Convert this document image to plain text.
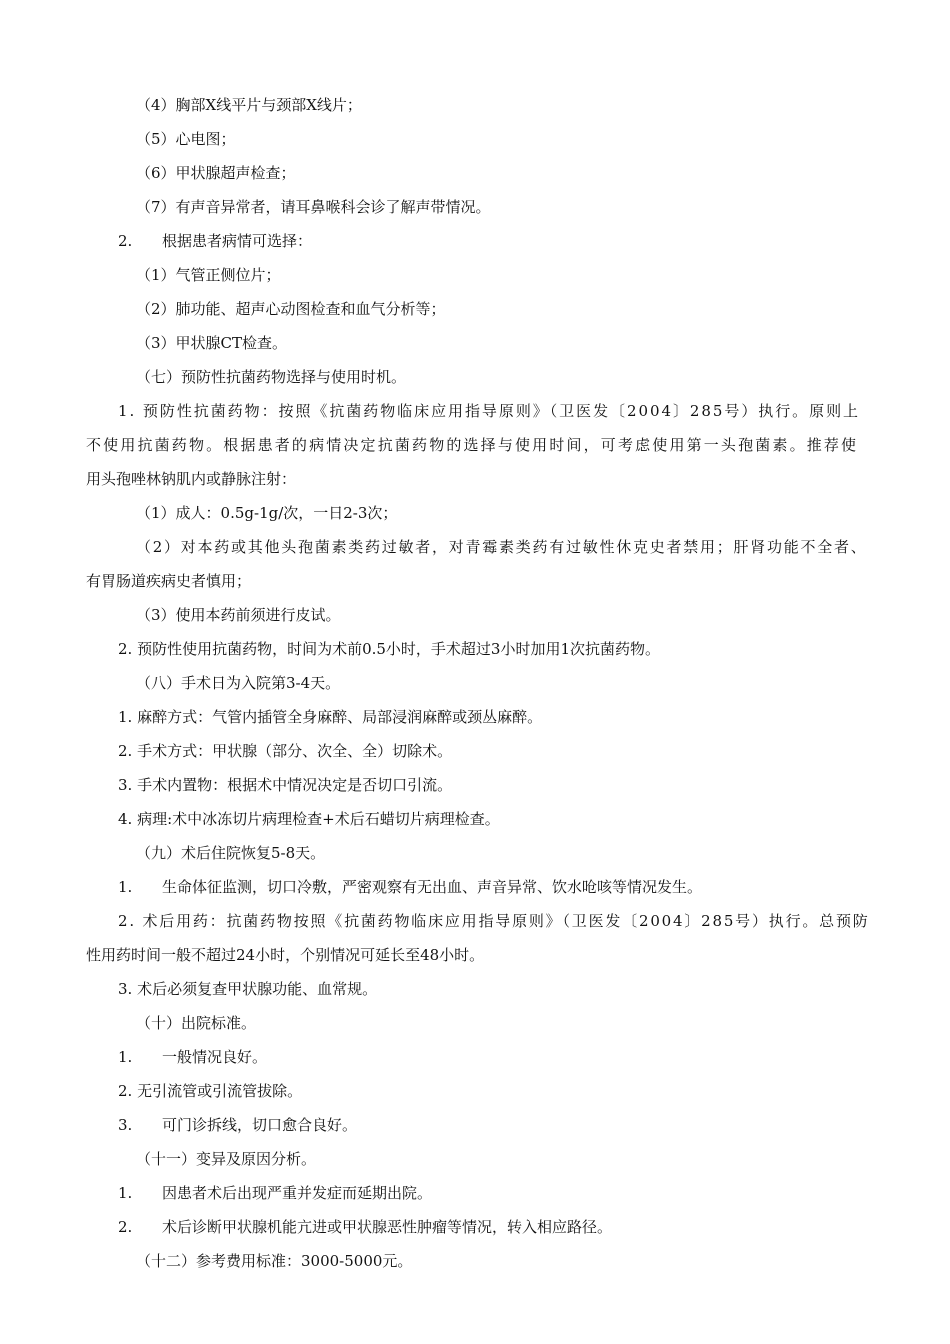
（4）胸部X线平片与颈部X线片；
（5）心电图；
（6）甲状腺超声检查；
（7）有声音异常者，请耳鼻喉科会诊了解声带情况。
2. 根据患者病情可选择：
（1）气管正侧位片；
（2）肺功能、超声心动图检查和血气分析等；
（3）甲状腺CT检查。
（七）预防性抗菌药物选择与使用时机。
1. 预防性抗菌药物：按照《抗菌药物临床应用指导原则》（卫医发〔2004〕285号）执行。原则上
不使用抗菌药物。根据患者的病情决定抗菌药物的选择与使用时间，可考虑使用第一头孢菌素。推荐使
用头孢唑林钠肌内或静脉注射：
（1）成人：0.5g-1g/次，一日2-3次；
（2）对本药或其他头孢菌素类药过敏者，对青霉素类药有过敏性休克史者禁用；肝肾功能不全者、
有胃肠道疾病史者慎用；
（3）使用本药前须进行皮试。
2. 预防性使用抗菌药物，时间为术前0.5小时，手术超过3小时加用1次抗菌药物。
（八）手术日为入院第3-4天。
1. 麻醉方式：气管内插管全身麻醉、局部浸润麻醉或颈丛麻醉。
2. 手术方式：甲状腺（部分、次全、全）切除术。
3. 手术内置物：根据术中情况决定是否切口引流。
4. 病理:术中冰冻切片病理检查+术后石蜡切片病理检查。
（九）术后住院恢复5-8天。
1. 生命体征监测，切口冷敷，严密观察有无出血、声音异常、饮水呛咳等情况发生。
2. 术后用药：抗菌药物按照《抗菌药物临床应用指导原则》（卫医发〔2004〕285号）执行。总预防
性用药时间一般不超过24小时，个别情况可延长至48小时。
3. 术后必须复查甲状腺功能、血常规。
（十）出院标准。
1. 一般情况良好。
2. 无引流管或引流管拔除。
3. 可门诊拆线，切口愈合良好。
（十一）变异及原因分析。
1. 因患者术后出现严重并发症而延期出院。
2. 术后诊断甲状腺机能亢进或甲状腺恶性肿瘤等情况，转入相应路径。
（十二）参考费用标准：3000-5000元。
